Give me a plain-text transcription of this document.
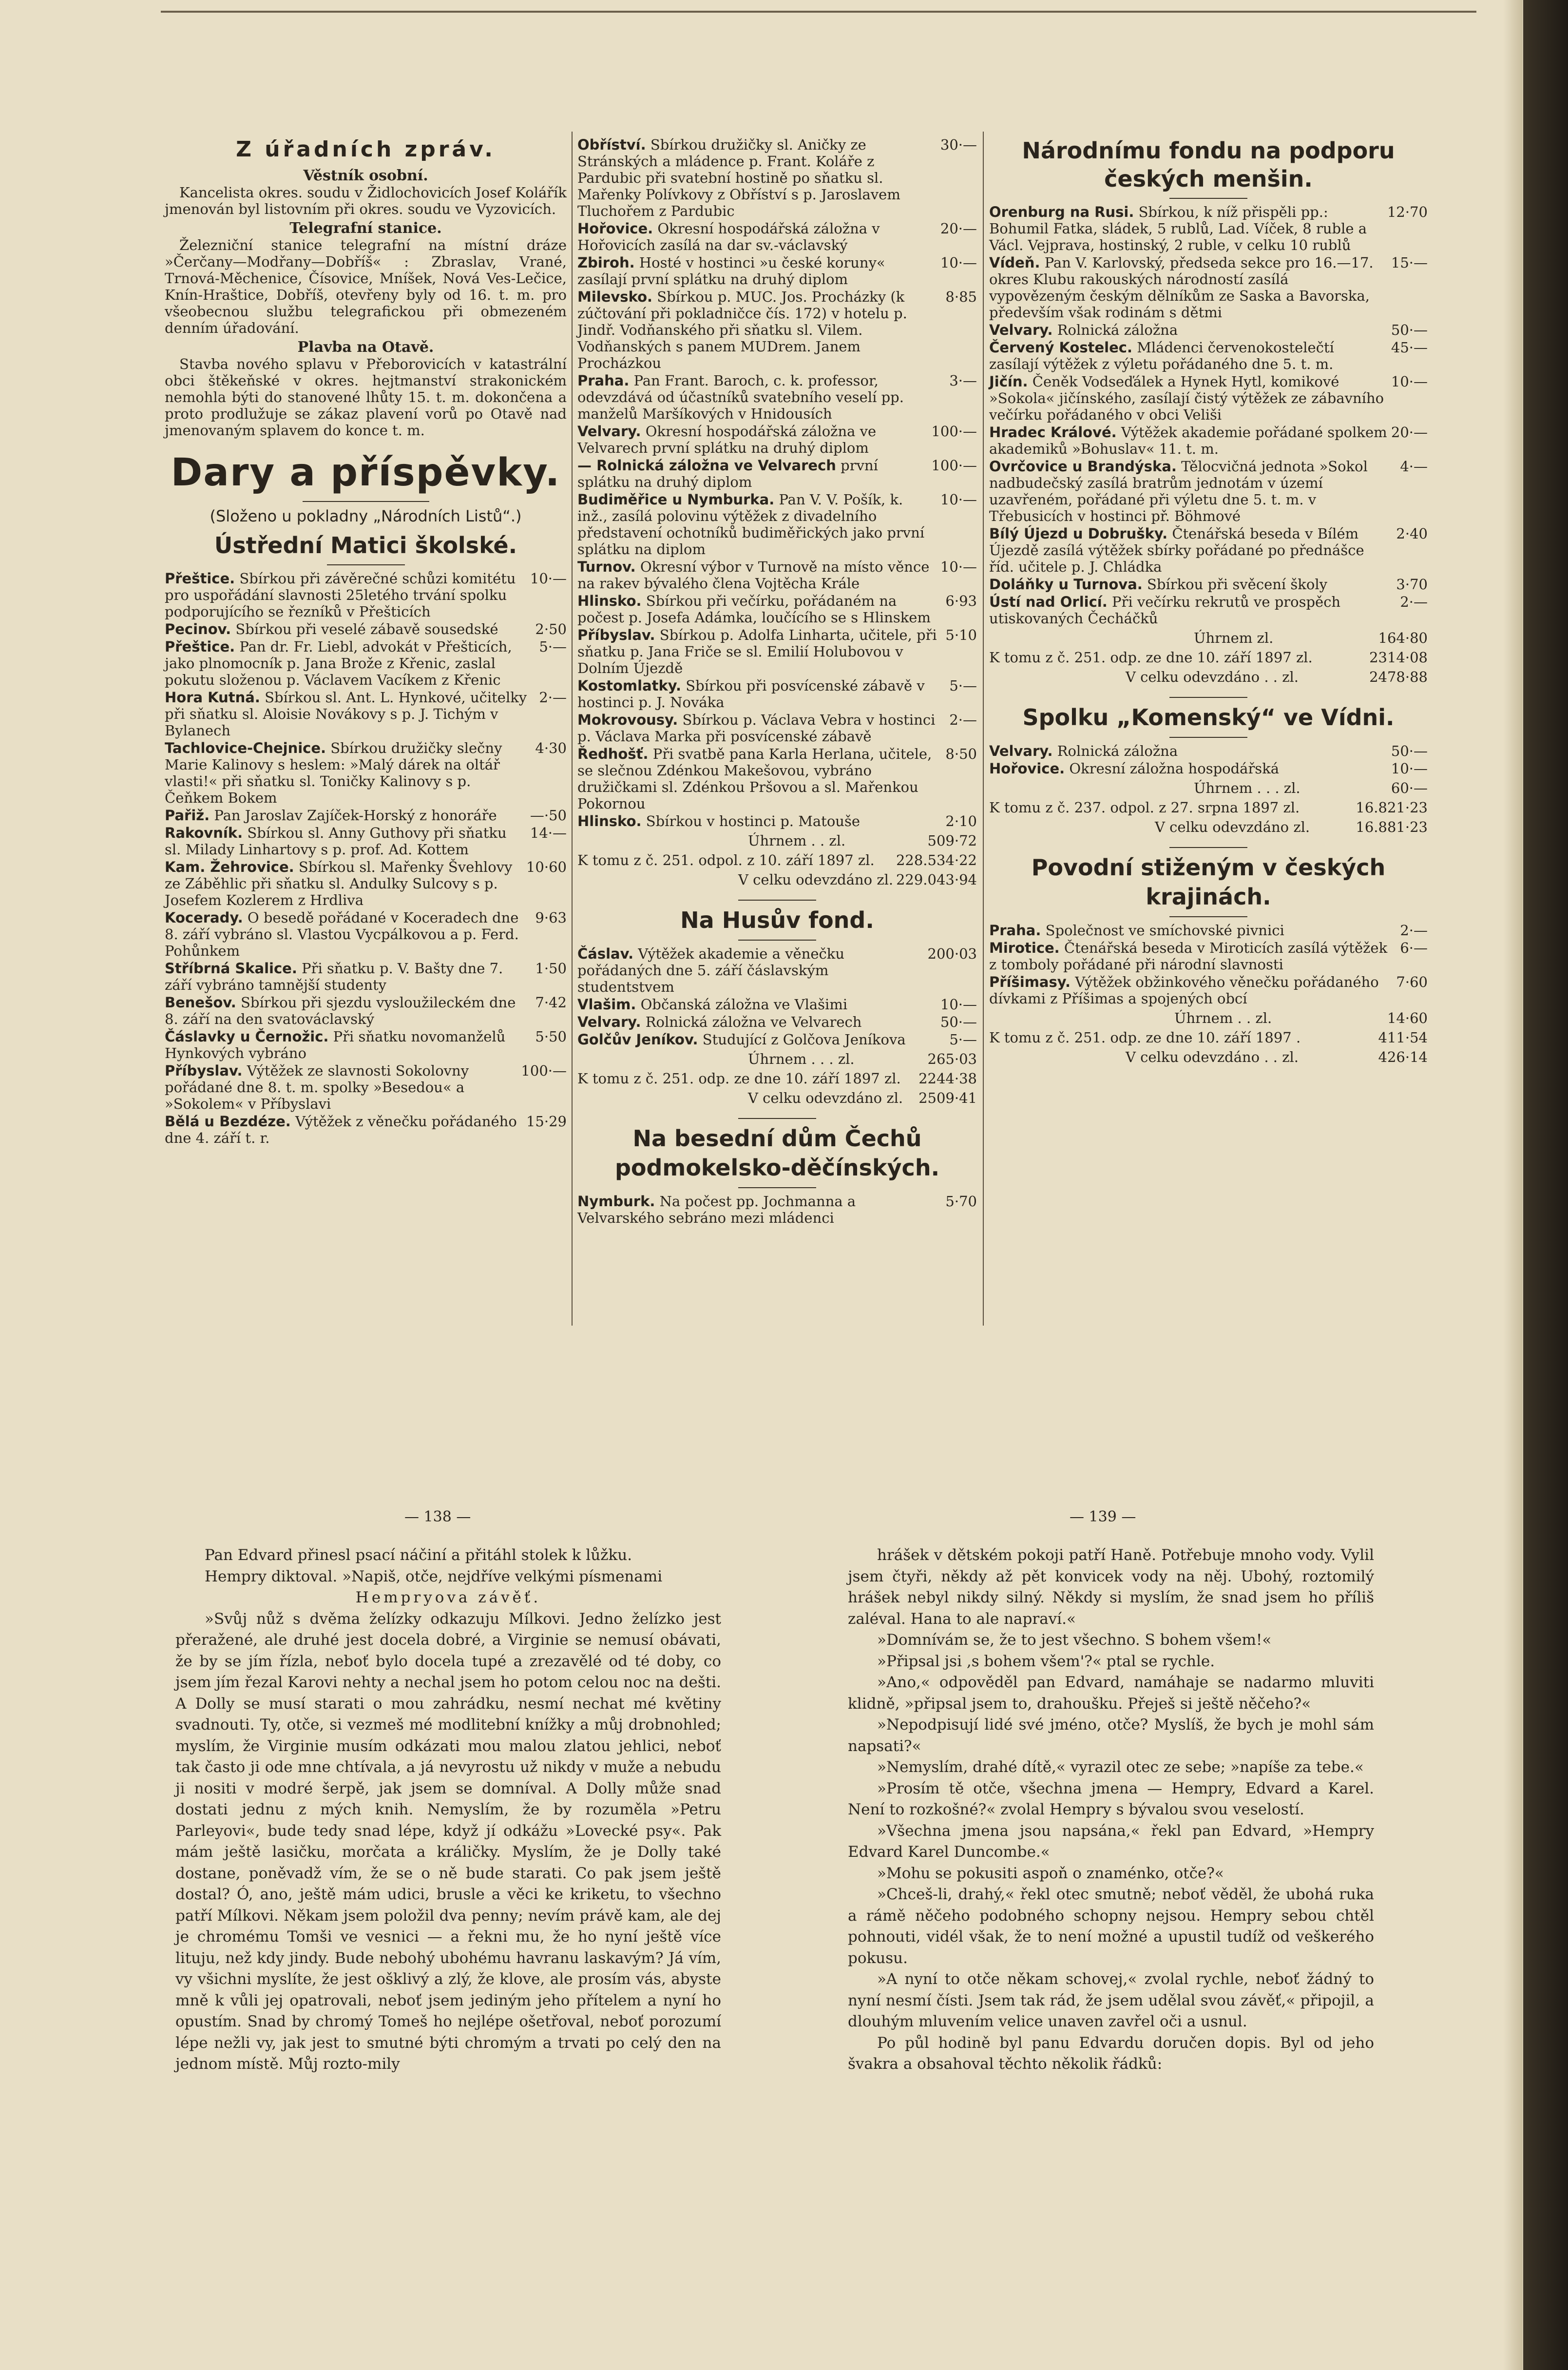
Z úřadních zpráv.
Věstník osobní.

Kancelista okres. soudu v Židlochovicích Josef Kolářík jmenován byl listovním při okres. soudu ve Vyzovicích.

Telegrafní stanice.

Železniční stanice telegrafní na místní dráze »Čerčany—Modřany—Dobříš« : Zbraslav, Vrané, Trnová-Měchenice, Čísovice, Mníšek, Nová Ves-Lečice, Knín-Hraštice, Dobříš, otevřeny byly od 16. t. m. pro všeobecnou službu telegrafickou při obmezeném denním úřadování.

Plavba na Otavě.

Stavba nového splavu v Přeborovicích v katastrální obci štěkeňské v okres. hejtmanství strakonickém nemohla býti do stanovené lhůty 15. t. m. dokončena a proto prodlužuje se zákaz plavení vorů po Otavě nad jmenovaným splavem do konce t. m.

Dary a příspěvky.
(Složeno u pokladny „Národních Listů“.)
Ústřední Matici školské.
Přeštice. Sbírkou při závěrečné schůzi komitétu pro uspořádání slavnosti 25letého trvání spolku podporujícího se řezníků v Přešticích
10·—
Pecinov. Sbírkou při veselé zábavě sousedské	2·50
Přeštice. Pan dr. Fr. Liebl, advokát v Přešticích, jako plnomocník p. Jana Brože z Křenic, zaslal pokutu složenou p. Václavem Vacíkem z Křenic
5·—
Hora Kutná. Sbírkou sl. Ant. L. Hynkové, učitelky při sňatku sl. Aloisie Novákovy s p. J. Tichým v Bylanech
2·—
Tachlovice-Chejnice. Sbírkou družičky slečny Marie Kalinovy s heslem: »Malý dárek na oltář vlasti!« při sňatku sl. Toničky Kalinovy s p. Čeňkem Bokem
4·30
Pařiž. Pan Jaroslav Zajíček-Horský z honoráře —·50
Rakovník. Sbírkou sl. Anny Guthovy při sňatku sl. Milady Linhartovy s p. prof. Ad. Kottem
14·—
Kam. Žehrovice. Sbírkou sl. Mařenky Švehlovy ze Záběhlic při sňatku sl. Andulky Sulcovy s p. Josefem Kozlerem z Hrdlivа
10·60
Kocerady. O besedě pořádané v Koceradech dne 8. září vybráno sl. Vlastou Vycpálkovou a p. Ferd. Pohůnkem
9·63
Stříbrná Skalice. Při sňatku p. V. Bašty dne 7. září vybráno tamnější studenty
1·50
Benešov. Sbírkou při sjezdu vysloužileckém dne 8. září na den svatováclavský
7·42
Čáslavky u Černožic. Při sňatku novomanželů Hynkových vybráno
5·50
Příbyslav. Výtěžek ze slavnosti Sokolovny pořádané dne 8. t. m. spolky »Besedou« a »Sokolem« v Příbyslavi
100·—
Bělá u Bezdéze. Výtěžek z věnečku pořádaného dne 4. září t. r.
15·29
Obříství. Sbírkou družičky sl. Aničky ze Stránských a mládence p. Frant. Koláře z Pardubic při svatební hostině po sňatku sl. Mařenky Polívkovy z Obříství s p. Jaroslavem Tluchořem z Pardubic
30·—
Hořovice. Okresní hospodářská záložna v Hořovicích zasílá na dar sv.-václavský
20·—
Zbiroh. Hosté v hostinci »u české koruny« zasílají první splátku na druhý diplom
10·—
Milevsko. Sbírkou p. MUC. Jos. Procházky (k zúčtování při pokladničce čís. 172) v hotelu p. Jindř. Vodňanského při sňatku sl. Vilem. Vodňanských s panem MUDrem. Janem Procházkou
8·85
Praha. Pan Frant. Baroch, c. k. professor, odevzdává od účastníků svatebního veselí pp. manželů Maršíkových v Hnidousích
3·—
Velvary. Okresní hospodářská záložna ve Velvarech první splátku na druhý diplom
100·—
— Rolnická záložna ve Velvarech první splátku na druhý diplom
100·—
Budiměřice u Nymburka. Pan V. V. Pošík, k. inž., zasílá polovinu výtěžek z divadelního představení ochotníků budiměřických jako první splátku na diplom
10·—
Turnov. Okresní výbor v Turnově na místo věnce na rakev bývalého člena Vojtěcha Krále
10·—
Hlinsko. Sbírkou při večírku, pořádaném na počest p. Josefa Adámka, loučícího se s Hlinskem
6·93
Příbyslav. Sbírkou p. Adolfa Linharta, učitele, při sňatku p. Jana Friče se sl. Emilií Holubovou v Dolním Újezdě
5·10
Kostomlatky. Sbírkou při posvícenské zábavě v hostinci p. J. Nováka
5·—
Mokrovousy. Sbírkou p. Václava Vebra v hostinci p. Václava Marka při posvícenské zábavě
2·—
Ředhošť. Při svatbě pana Karla Herlana, učitele, se slečnou Zdénkou Makešovou, vybráno družičkami sl. Zdénkou Pršovou a sl. Mařenkou Pokornou
8·50
Hlinsko. Sbírkou v hostinci p. Matouše	2·10
Úhrnem . . zl.	509·72
K tomu z č. 251. odpol. z 10. září 1897 zl. 228.534·22
V celku odevzdáno zl. 229.043·94
Na Husův fond.
Čáslav. Výtěžek akademie a věnečku pořádaných dne 5. září čáslavským studentstvem
200·03
Vlašim. Občanská záložna ve Vlašimi	10·—
Velvary. Rolnická záložna ve Velvarech	50·—
Golčův Jeníkov. Studující z Golčova Jeníkova	5·—
Úhrnem . . . zl.	265·03
K tomu z č. 251. odp. ze dne 10. září 1897 zl. 2244·38
V celku odevzdáno zl. 2509·41
Na besední dům Čechů podmokelsko-děčínských.
Nymburk. Na počest pp. Jochmanna a Velvarského sebráno mezi mládenci
5·70
Národnímu fondu na podporu českých menšin.
Orenburg na Rusi. Sbírkou, k níž přispěli pp.: Bohumil Fatka, sládek, 5 rublů, Lad. Víček, 8 ruble a Václ. Vejprava, hostinský, 2 ruble, v celku 10 rublů
12·70
Vídeň. Pan V. Karlovský, předseda sekce pro 16.—17. okres Klubu rakouských národností zasílá vypovězeným českým dělníkům ze Saska a Bavorska, především však rodinám s dětmi
15·—
Velvary. Rolnická záložna	50·—
Červený Kostelec. Mládenci červenokostelečtí zasílají výtěžek z výletu pořádaného dne 5. t. m.
45·—
Jičín. Čeněk Vodseďálek a Hynek Hytl, komikové »Sokola« jičínského, zasílají čistý výtěžek ze zábavního večírku pořádaného v obci Veliši
10·—
Hradec Králové. Výtěžek akademie pořádané spolkem akademiků »Bohuslav« 11. t. m.
20·—
Ovrčovice u Brandýska. Tělocvičná jednota »Sokol nadbudečský zasílá bratrům jednotám v území uzavřeném, pořádané při výletu dne 5. t. m. v Třebusicích v hostinci př. Böhmové
4·—
Bílý Újezd u Dobrušky. Čtenářská beseda v Bílém Újezdě zasílá výtěžek sbírky pořádané po přednášce říd. učitele p. J. Chládka
2·40
Doláňky u Turnova. Sbírkou při svěcení školy	3·70
Ústí nad Orlicí. Při večírku rekrutů ve prospěch utiskovaných Čecháčků
2·—
Úhrnem zl.	164·80
K tomu z č. 251. odp. ze dne 10. září 1897 zl.	2314·08
V celku odevzdáno . . zl.	2478·88
Spolku „Komenský“ ve Vídni.
Velvary. Rolnická záložna	50·—
Hořovice. Okresní záložna hospodářská	10·—
Úhrnem . . . zl.	60·—
K tomu z č. 237. odpol. z 27. srpna 1897 zl.	16.821·23
V celku odevzdáno zl.	16.881·23
Povodní stiženým v českých krajinách.
Praha. Společnost ve smíchovské pivnici	2·—
Mirotice. Čtenářská beseda v Miroticích zasílá výtěžek z tomboly pořádané při národní slavnosti
6·—
Příšimasy. Výtěžek obžinkového věnečku pořádaného dívkami z Příšimas a spojených obcí
7·60
Úhrnem . . zl.	14·60
K tomu z č. 251. odp. ze dne 10. září 1897 .	411·54
V celku odevzdáno . . zl.	426·14
— 138 —	— 139 —

Pan Edvard přinesl psací náčiní a přitáhl stolek k lůžku.

Hempry diktoval. »Napiš, otče, nejdříve velkými písmenami

Hempryova závěť.

»Svůj nůž s dvěma želízky odkazuju Mílkovi. Jedno želízko jest přeražené, ale druhé jest docela dobré, a Virginie se nemusí obávati, že by se jím řízla, neboť bylo docela tupé a zrezavělé od té doby, co jsem jím řezal Karovi nehty a nechal jsem ho potom celou noc na dešti. A Dolly se musí starati o mou zahrádku, nesmí nechat mé květiny svadnouti. Ty, otče, si vezmeš mé modlitební knížky a můj drobnohled; myslím, že Virginie musím odkázati mou malou zlatou jehlici, neboť tak často ji ode mne chtívala, a já nevyrostu už nikdy v muže a nebudu ji nositi v modré šerpě, jak jsem se domníval. A Dolly může snad dostati jednu z mých knih. Nemyslím, že by rozuměla »Petru Parleyovi«, bude tedy snad lépe, když jí odkážu »Lovecké psy«. Pak mám ještě lasičku, morčata a králičky. Myslím, že je Dolly také dostane, poněvadž vím, že se o ně bude starati. Co pak jsem ještě dostal? Ó, ano, ještě mám udici, brusle a věci ke kriketu, to všechno patří Mílkovi. Někam jsem položil dva penny; nevím právě kam, ale dej je chromému Tomši ve vesnici — a řekni mu, že ho nyní ještě více lituju, než kdy jindy. Bude nebohý ubohému havranu laskavým? Já vím, vy všichni myslíte, že jest ošklivý a zlý, že klove, ale prosím vás, abyste mně k vůli jej opatrovali, neboť jsem jediným jeho přítelem a nyní ho opustím. Snad by chromý Tomeš ho nejlépe ošetřoval, neboť porozumí lépe nežli vy, jak jest to smutné býti chromým a trvati po celý den na jednom místě. Můj rozto‑mily

hrášek v dětském pokoji patří Haně. Potřebuje mnoho vody. Vylil jsem čtyři, někdy až pět konvicek vody na něj. Ubohý, roztomilý hrášek nebyl nikdy silný. Někdy si myslím, že snad jsem ho příliš zaléval. Hana to ale napraví.«

»Domnívám se, že to jest všechno. S bohem všem!«

»Připsal jsi ,s bohem všem'?« ptal se rychle.

»Ano,« odpověděl pan Edvard, namáhaje se nadarmo mluviti klidně, »připsal jsem to, drahoušku. Přeješ si ještě něčeho?«

»Nepodpisují lidé své jméno, otče? Myslíš, že bych je mohl sám napsati?«

»Nemyslím, drahé dítě,« vyrazil otec ze sebe; »napíše za tebe.«

»Prosím tě otče, všechna jmena — Hempry, Edvard a Karel. Není to rozkošné?« zvolal Hempry s bývalou svou veselostí.

»Všechna jmena jsou napsána,« řekl pan Edvard, »Hempry Edvard Karel Duncombe.«

»Mohu se pokusiti aspoň o znaménko, otče?«

»Chceš-li, drahý,« řekl otec smutně; neboť věděl, že ubohá ruka a rámě něčeho podobného schopny nejsou. Hempry sebou chtěl pohnouti, vidél však, že to není možné a upustil tudíž od veškerého pokusu.

»A nyní to otče někam schovej,« zvolal rychle, neboť žádný to nyní nesmí čísti. Jsem tak rád, že jsem udělal svou závěť,« připojil, a dlouhým mluvením velice unaven zavřel oči a usnul.

Po půl hodině byl panu Edvardu doručen dopis. Byl od jeho švakra a obsahoval těchto několik řádků:
